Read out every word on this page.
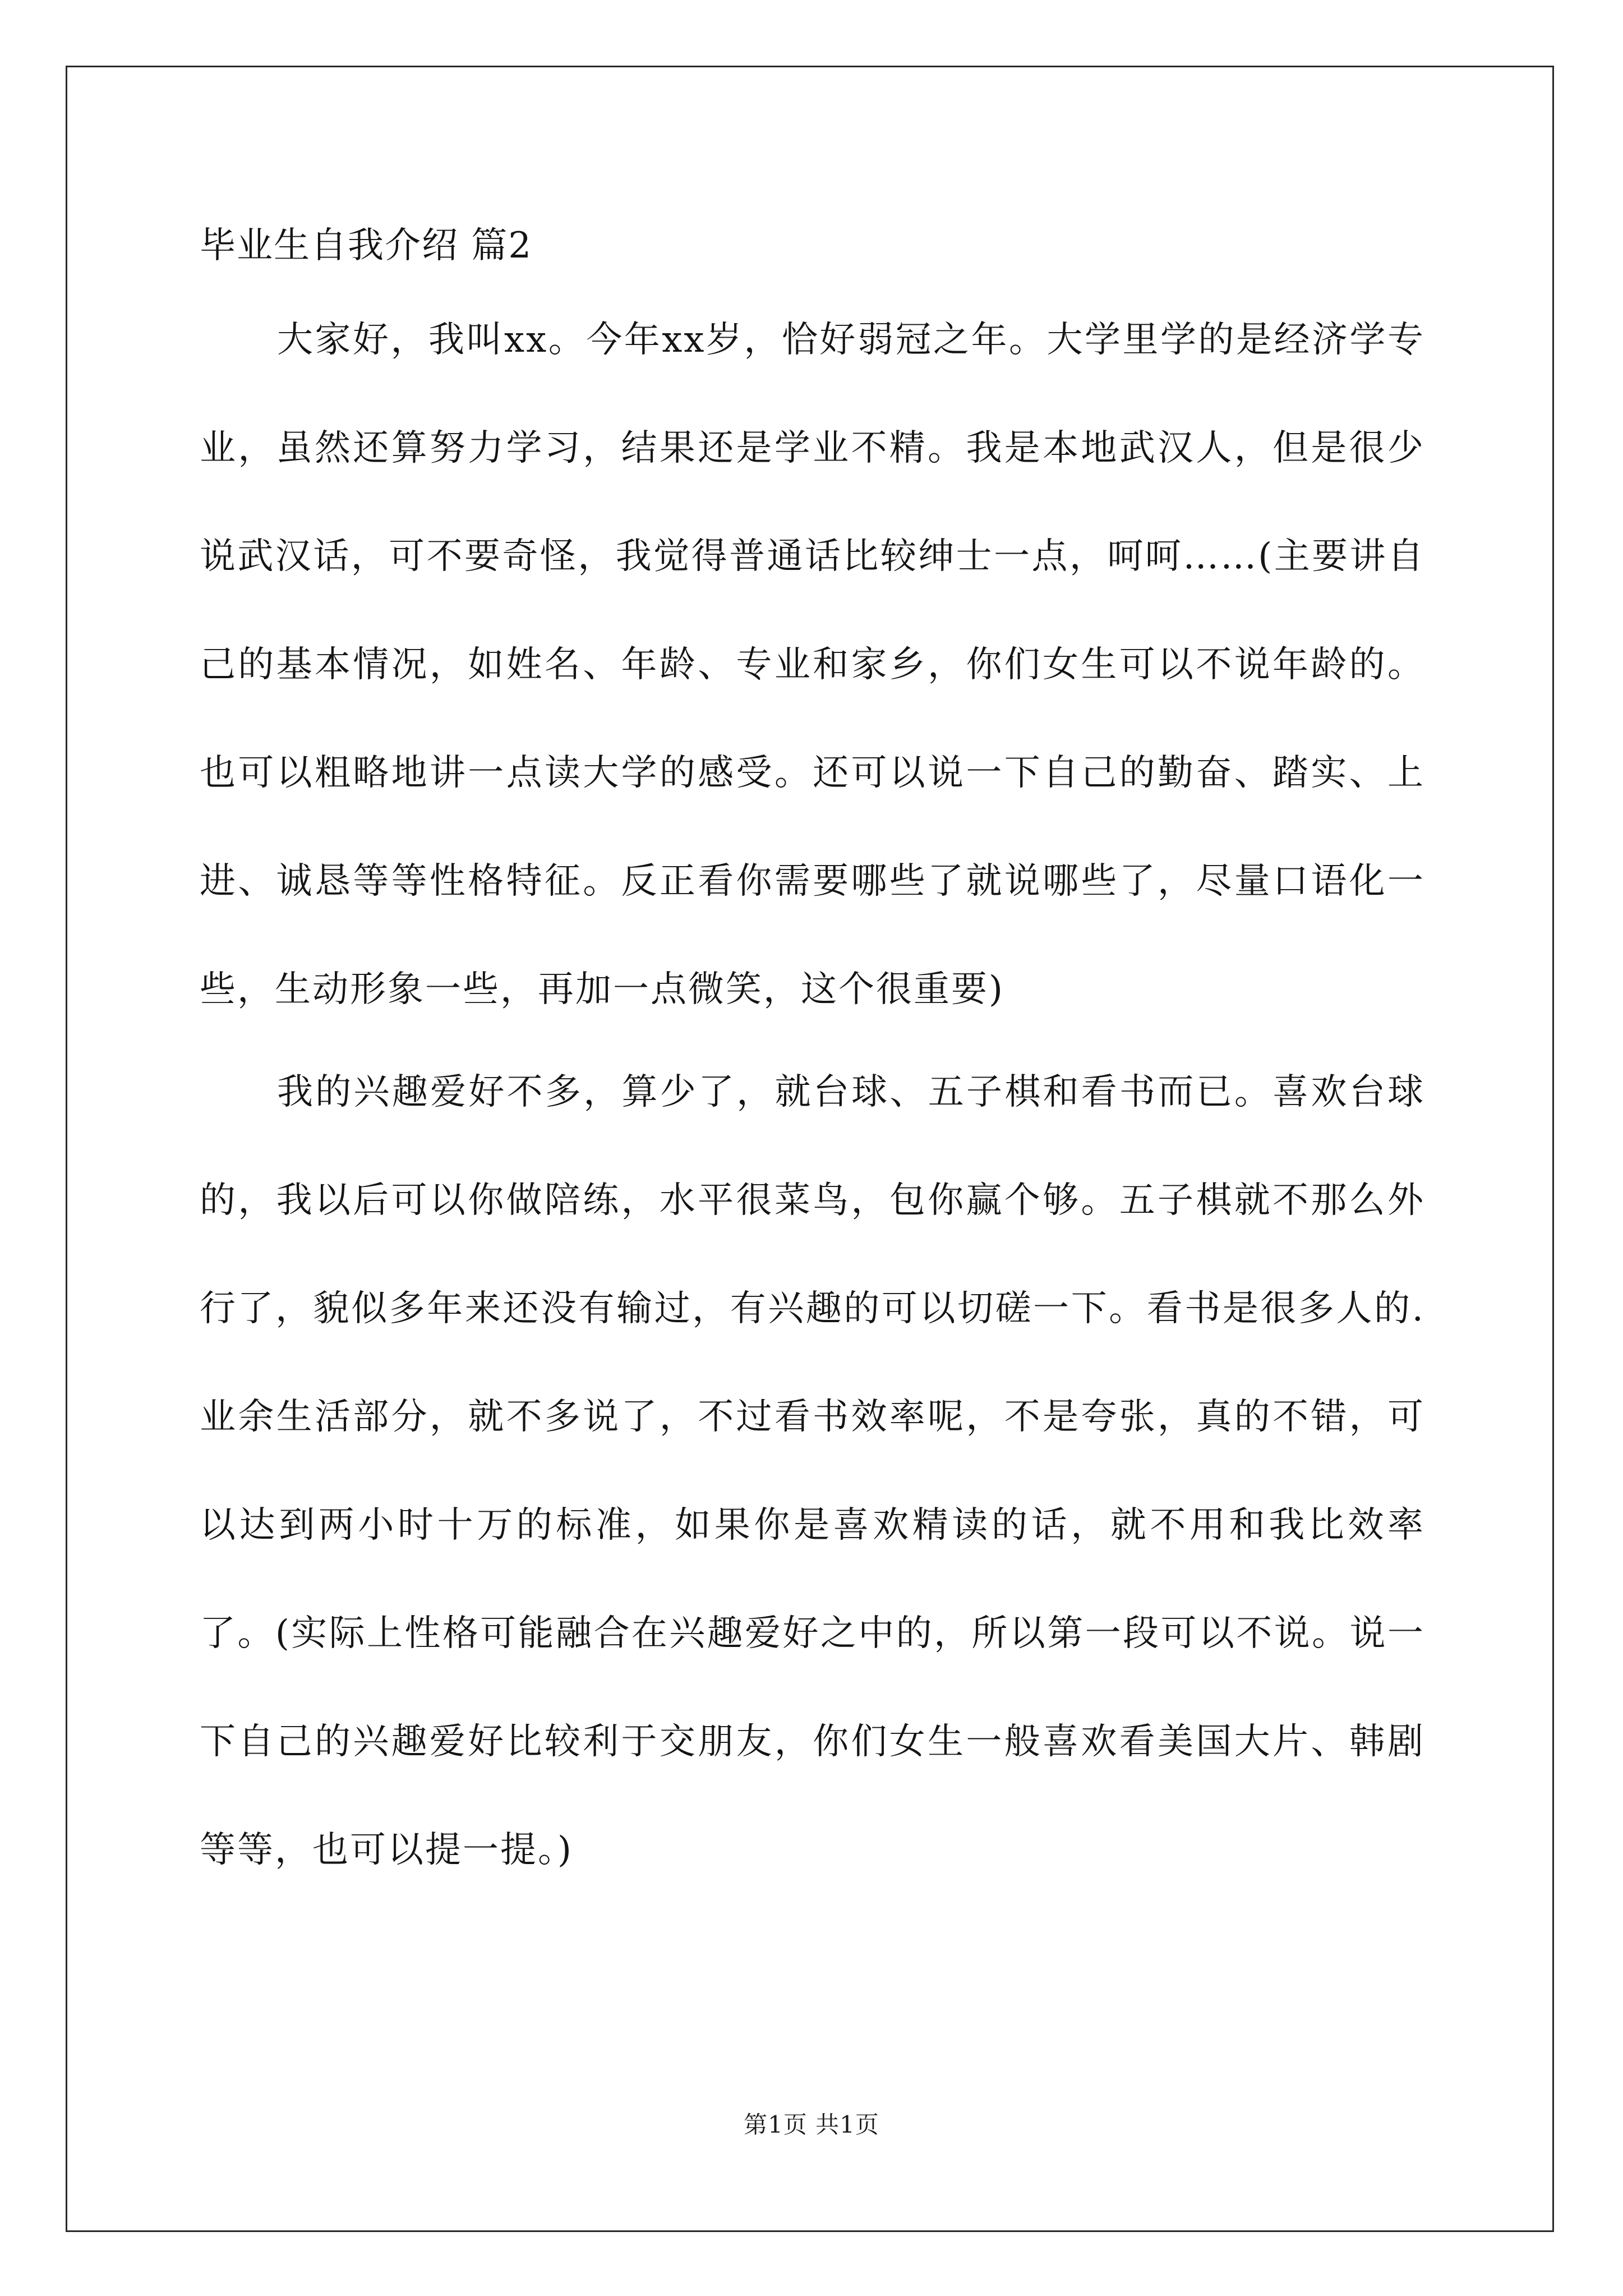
毕业生自我介绍 篇2

大家好，我叫xx。今年xx岁，恰好弱冠之年。大学里学的是经济学专业，虽然还算努力学习，结果还是学业不精。我是本地武汉人，但是很少说武汉话，可不要奇怪，我觉得普通话比较绅士一点，呵呵……(主要讲自己的基本情况，如姓名、年龄、专业和家乡，你们女生可以不说年龄的。也可以粗略地讲一点读大学的感受。还可以说一下自己的勤奋、踏实、上进、诚恳等等性格特征。反正看你需要哪些了就说哪些了，尽量口语化一些，生动形象一些，再加一点微笑，这个很重要)

我的兴趣爱好不多，算少了，就台球、五子棋和看书而已。喜欢台球的，我以后可以你做陪练，水平很菜鸟，包你赢个够。五子棋就不那么外行了，貌似多年来还没有输过，有兴趣的可以切磋一下。看书是很多人的.业余生活部分，就不多说了，不过看书效率呢，不是夸张，真的不错，可以达到两小时十万的标准，如果你是喜欢精读的话，就不用和我比效率了。(实际上性格可能融合在兴趣爱好之中的，所以第一段可以不说。说一下自己的兴趣爱好比较利于交朋友，你们女生一般喜欢看美国大片、韩剧等等，也可以提一提。)

第1页 共1页
